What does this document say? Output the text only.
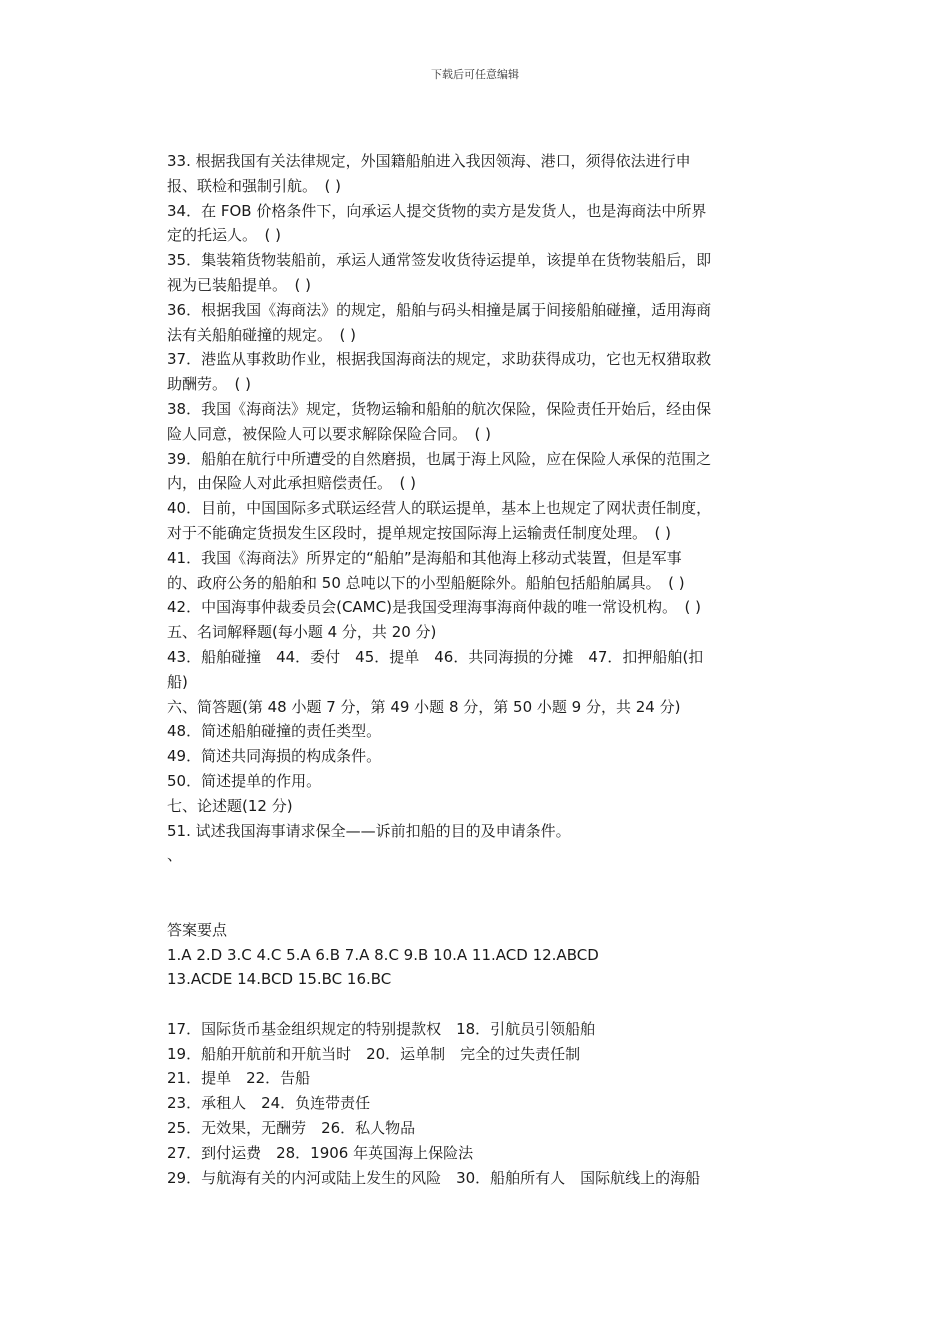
下载后可任意编辑
33. 根据我国有关法律规定，外国籍船舶进入我因领海、港口，须得依法进行申
报、联检和强制引航。　( )
34．在 FOB 价格条件下，向承运人提交货物的卖方是发货人，也是海商法中所界
定的托运人。　( )
35．集装箱货物装船前，承运人通常签发收货待运提单，该提单在货物装船后，即
视为已装船提单。　( )
36．根据我国《海商法》的规定，船舶与码头相撞是属于间接船舶碰撞，适用海商
法有关船舶碰撞的规定。　( )
37．港监从事救助作业，根据我国海商法的规定，求助获得成功，它也无权猎取救
助酬劳。　( )
38．我国《海商法》规定，货物运输和船舶的航次保险，保险责任开始后，经由保
险人同意，被保险人可以要求解除保险合同。　( )
39．船舶在航行中所遭受的自然磨损，也属于海上风险，应在保险人承保的范围之
内，由保险人对此承担赔偿责任。　( )
40．目前，中国国际多式联运经营人的联运提单，基本上也规定了网状责任制度，
对于不能确定货损发生区段时，提单规定按国际海上运输责任制度处理。　( )
41．我国《海商法》所界定的“船舶”是海船和其他海上移动式装置，但是军事
的、政府公务的船舶和 50 总吨以下的小型船艇除外。船舶包括船舶属具。　( )
42．中国海事仲裁委员会(CAMC)是我国受理海事海商仲裁的唯一常设机构。　( )
五、名词解释题(每小题 4 分，共 20 分)
43．船舶碰撞　44．委付　45．提单　46．共同海损的分摊　47．扣押船舶(扣
船)
六、简答题(第 48 小题 7 分，第 49 小题 8 分，第 50 小题 9 分，共 24 分)
48．简述船舶碰撞的责任类型。
49．简述共同海损的构成条件。
50．简述提单的作用。
七、论述题(12 分)
51. 试述我国海事请求保全——诉前扣船的目的及申请条件。
、
答案要点
1.A 2.D 3.C 4.C 5.A 6.B 7.A 8.C 9.B 10.A 11.ACD 12.ABCD
13.ACDE 14.BCD 15.BC 16.BC
17．国际货币基金组织规定的特别提款权　18．引航员引领船舶
19．船舶开航前和开航当时　20．运单制　完全的过失责任制
21．提单　22．告船
23．承租人　24．负连带责任
25．无效果，无酬劳　26．私人物品
27．到付运费　28．1906 年英国海上保险法
29．与航海有关的内河或陆上发生的风险　30．船舶所有人　国际航线上的海船
